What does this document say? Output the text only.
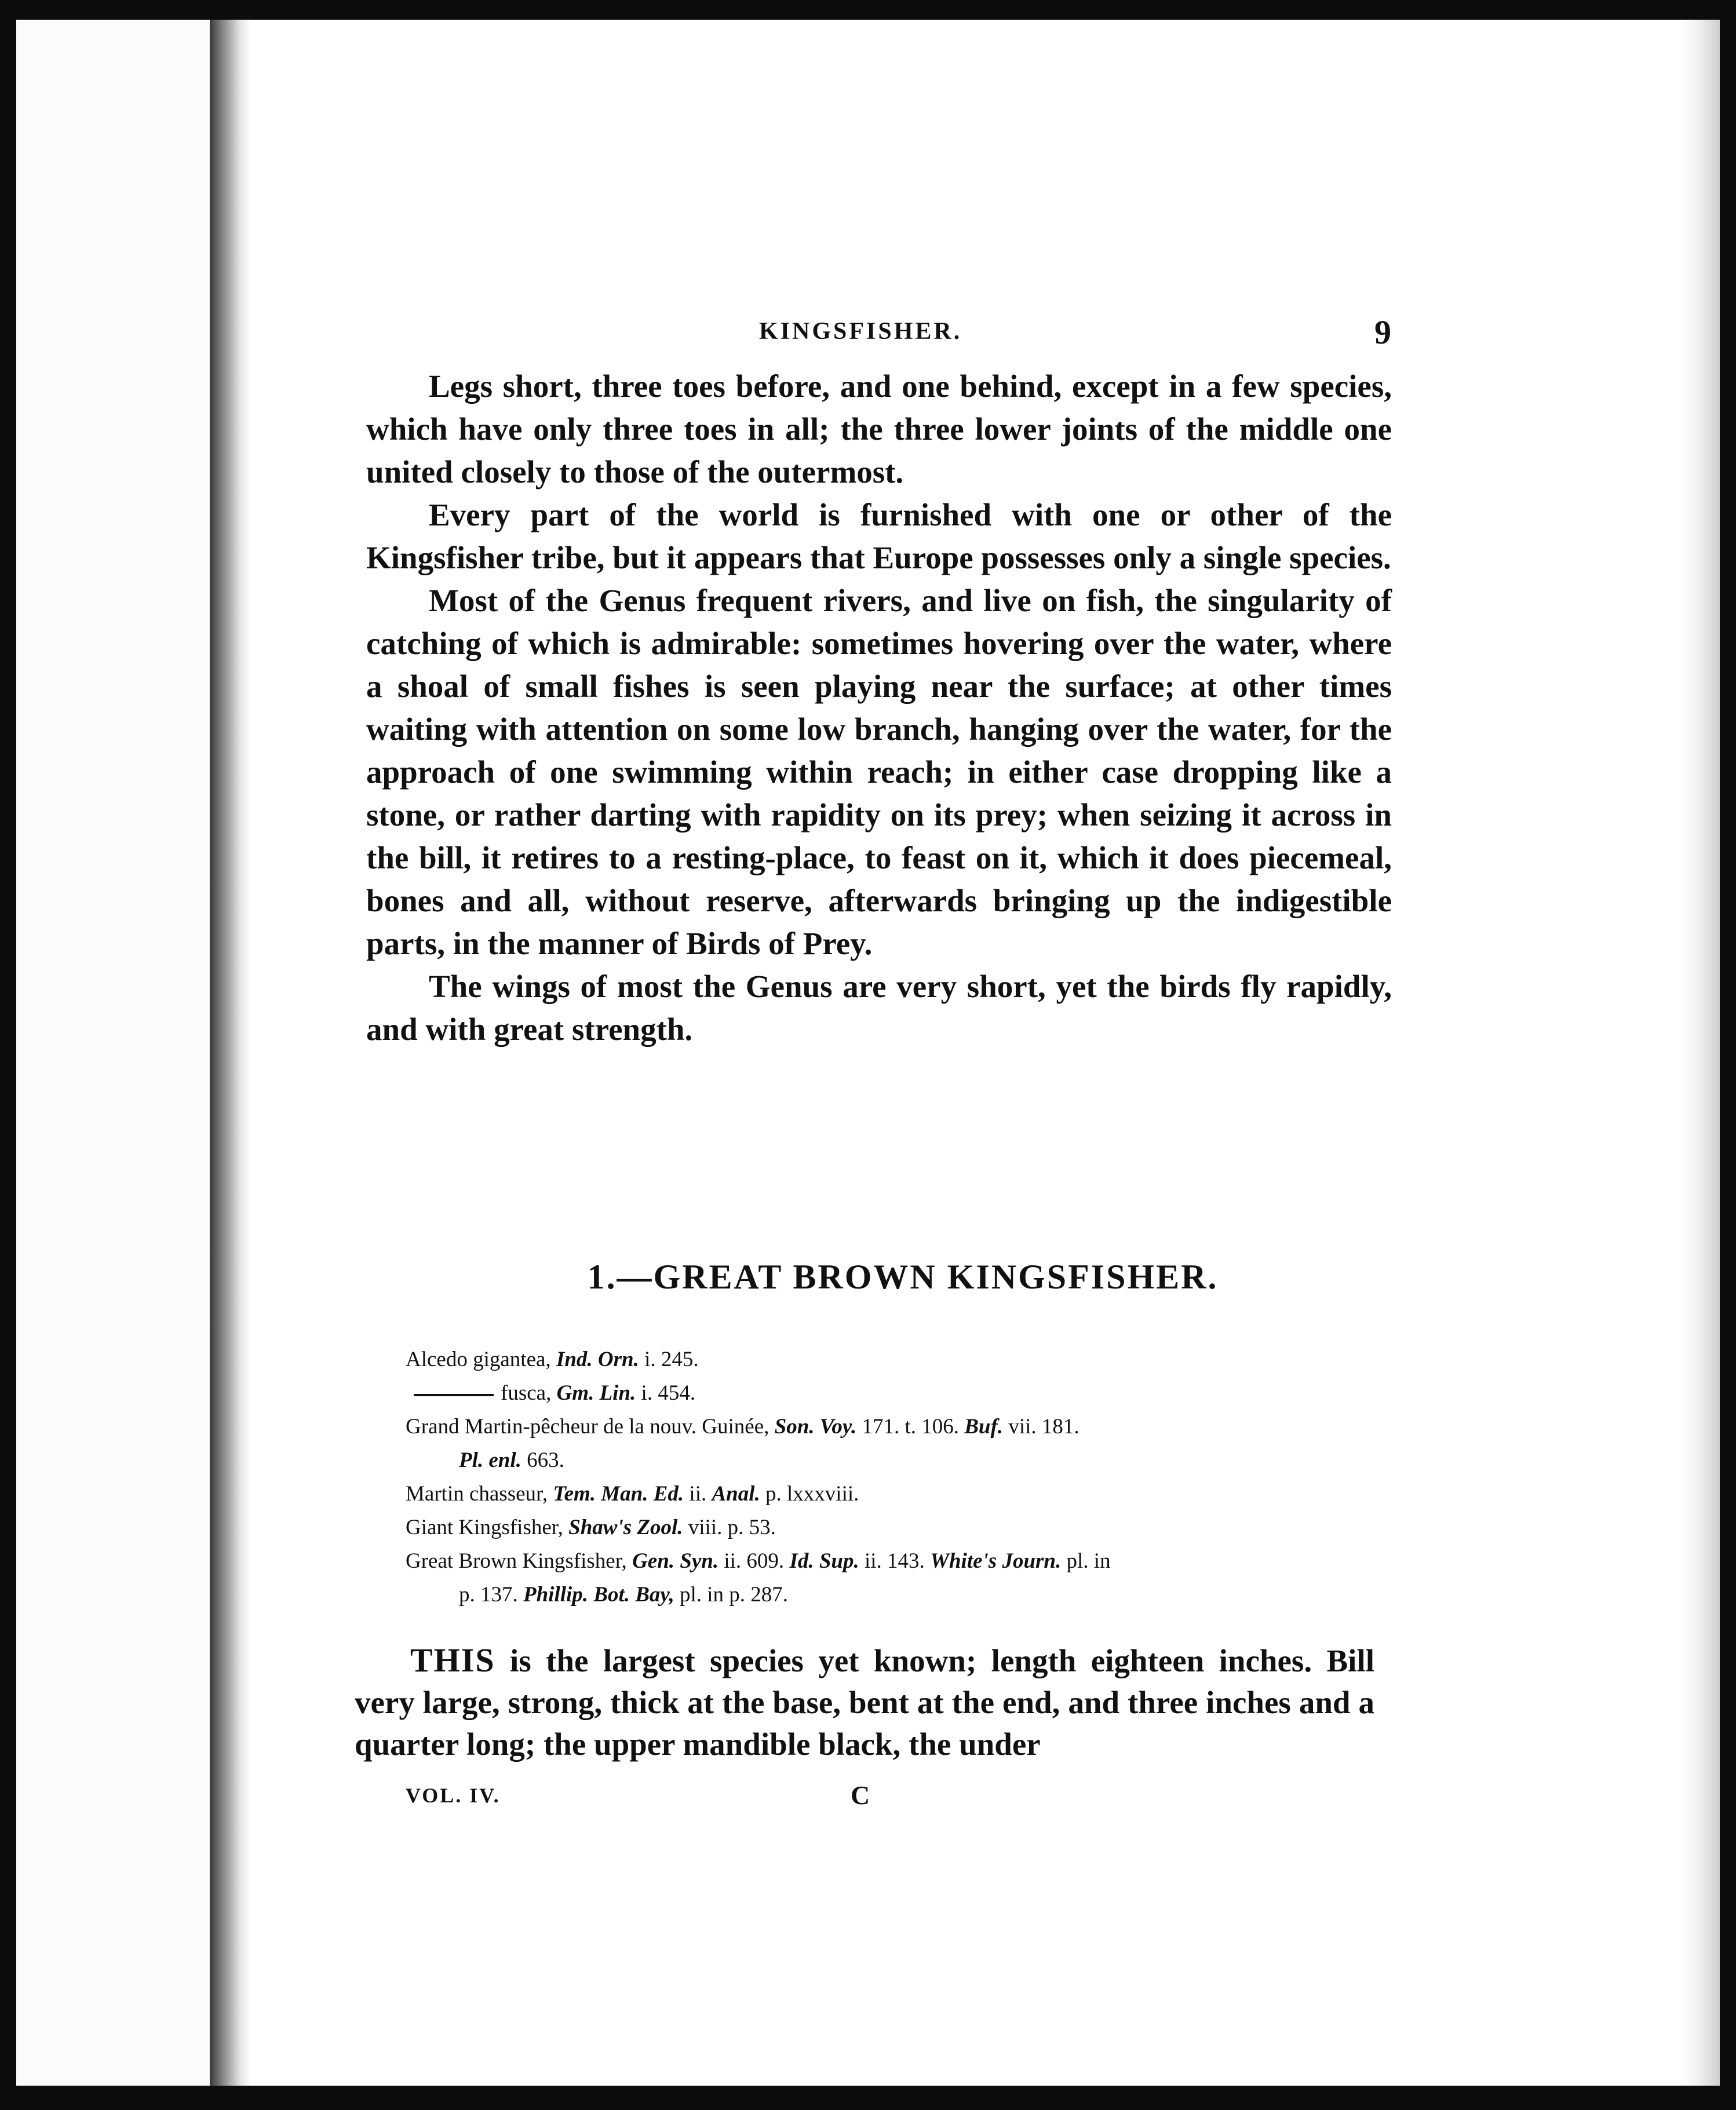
KINGSFISHER.	9

Legs short, three toes before, and one behind, except in a few species, which have only three toes in all; the three lower joints of the middle one united closely to those of the outermost.

Every part of the world is furnished with one or other of the Kingsfisher tribe, but it appears that Europe possesses only a single species.

Most of the Genus frequent rivers, and live on fish, the singularity of catching of which is admirable: sometimes hovering over the water, where a shoal of small fishes is seen playing near the surface; at other times waiting with attention on some low branch, hanging over the water, for the approach of one swimming within reach; in either case dropping like a stone, or rather darting with rapidity on its prey; when seizing it across in the bill, it retires to a resting-place, to feast on it, which it does piecemeal, bones and all, without reserve, afterwards bringing up the indigestible parts, in the manner of Birds of Prey.

The wings of most the Genus are very short, yet the birds fly rapidly, and with great strength.

1.—GREAT BROWN KINGSFISHER.
Alcedo gigantea, Ind. Orn. i. 245.
fusca, Gm. Lin. i. 454.
Grand Martin-pêcheur de la nouv. Guinée, Son. Voy. 171. t. 106. Buf. vii. 181.
Pl. enl. 663.
Martin chasseur, Tem. Man. Ed. ii. Anal. p. lxxxviii.
Giant Kingsfisher, Shaw's Zool. viii. p. 53.
Great Brown Kingsfisher, Gen. Syn. ii. 609. Id. Sup. ii. 143. White's Journ. pl. in
p. 137. Phillip. Bot. Bay, pl. in p. 287.

THIS is the largest species yet known; length eighteen inches. Bill very large, strong, thick at the base, bent at the end, and three inches and a quarter long; the upper mandible black, the under

VOL. IV.	C
